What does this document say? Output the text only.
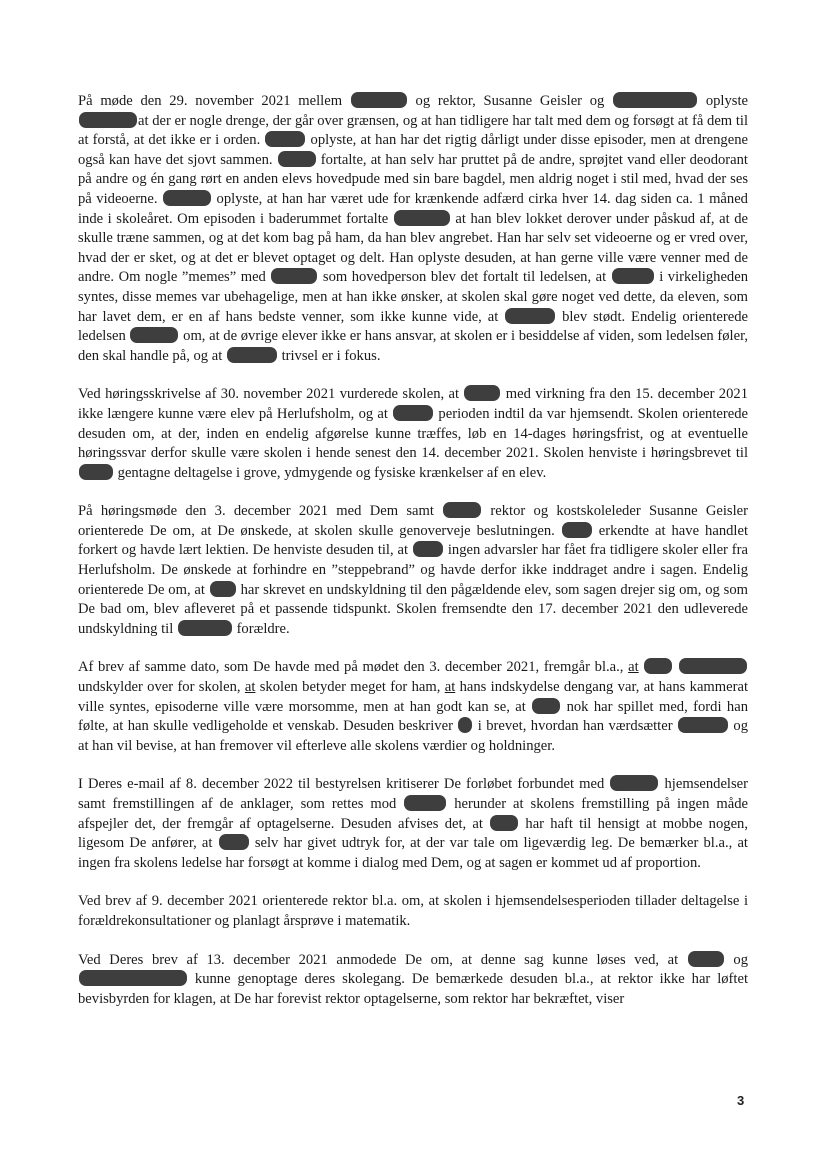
På møde den 29. november 2021 mellem	og rektor, Susanne Geisler og	oplyste at der er nogle drenge, der går over grænsen, og at han tidligere har talt med dem og forsøgt at få dem til at forstå, at det ikke er i orden.	oplyste, at han har det rigtig dårligt under disse episoder, men at drengene også kan have det sjovt sammen.	fortalte, at han selv har pruttet på de andre, sprøjtet vand eller deodorant på andre og én gang rørt en anden elevs hovedpude med sin bare bagdel, men aldrig noget i stil med, hvad der ses på videoerne.	oplyste, at han har været ude for krænkende adfærd cirka hver 14. dag siden ca. 1 måned inde i skoleåret. Om episoden i baderummet fortalte	at han blev lokket derover under påskud af, at de skulle træne sammen, og at det kom bag på ham, da han blev angrebet. Han har selv set videoerne og er vred over, hvad der er sket, og at det er blevet optaget og delt. Han oplyste desuden, at han gerne ville være venner med de andre. Om nogle ”memes” med	som hovedperson blev det fortalt til ledelsen, at	i virkeligheden syntes, disse memes var ubehagelige, men at han ikke ønsker, at skolen skal gøre noget ved dette, da eleven, som har lavet dem, er en af hans bedste venner, som ikke kunne vide, at	blev stødt. Endelig orienterede ledelsen	om, at de øvrige elever ikke er hans ansvar, at skolen er i besiddelse af viden, som ledelsen føler, den skal handle på, og at	trivsel er i fokus.

Ved høringsskrivelse af 30. november 2021 vurderede skolen, at	med virkning fra den 15. december 2021 ikke længere kunne være elev på Herlufsholm, og at	perioden indtil da var hjemsendt. Skolen orienterede desuden om, at der, inden en endelig afgørelse kunne træffes, løb en 14-dages høringsfrist, og at eventuelle høringssvar derfor skulle være skolen i hende senest den 14. december 2021. Skolen henviste i høringsbrevet til  gentagne deltagelse i grove, ydmygende og fysiske krænkelser af en elev.

På høringsmøde den 3. december 2021 med Dem samt	rektor og kostskoleleder Susanne Geisler orienterede De om, at De ønskede, at skolen skulle genoverveje beslutningen.  erkendte at have handlet forkert og havde lært lektien. De henviste desuden til, at  ingen advarsler har fået fra tidligere skoler eller fra Herlufsholm. De ønskede at forhindre en ”steppebrand” og havde derfor ikke inddraget andre i sagen. Endelig orienterede De om, at  har skrevet en undskyldning til den pågældende elev, som sagen drejer sig om, og som De bad om, blev afleveret på et passende tidspunkt. Skolen fremsendte den 17. december 2021 den udleverede undskyldning til	forældre.

Af brev af samme dato, som De havde med på mødet den 3. december 2021, fremgår bl.a., at   undskylder over for skolen, at skolen betyder meget for ham, at hans indskydelse dengang var, at hans kammerat ville syntes, episoderne ville være morsomme, men at han godt kan se, at  nok har spillet med, fordi han følte, at han skulle vedligeholde et venskab. Desuden beskriver  i brevet, hvordan han værdsætter	og at han vil bevise, at han fremover vil efterleve alle skolens værdier og holdninger.

I Deres e-mail af 8. december 2022 til bestyrelsen kritiserer De forløbet forbundet med	hjemsendelser samt fremstillingen af de anklager, som rettes mod	herunder at skolens fremstilling på ingen måde afspejler det, der fremgår af optagelserne. Desuden afvises det, at  har haft til hensigt at mobbe nogen, ligesom De anfører, at  selv har givet udtryk for, at der var tale om ligeværdig leg. De bemærker bl.a., at ingen fra skolens ledelse har forsøgt at komme i dialog med Dem, og at sagen er kommet ud af proportion.

Ved brev af 9. december 2021 orienterede rektor bl.a. om, at skolen i hjemsendelsesperioden tillader deltagelse i forældrekonsultationer og planlagt årsprøve i matematik.

Ved Deres brev af 13. december 2021 anmodede De om, at denne sag kunne løses ved, at	og  kunne genoptage deres skolegang. De bemærkede desuden bl.a., at rektor ikke har løftet bevisbyrden for klagen, at De har forevist rektor optagelserne, som rektor har bekræftet, viser

3
